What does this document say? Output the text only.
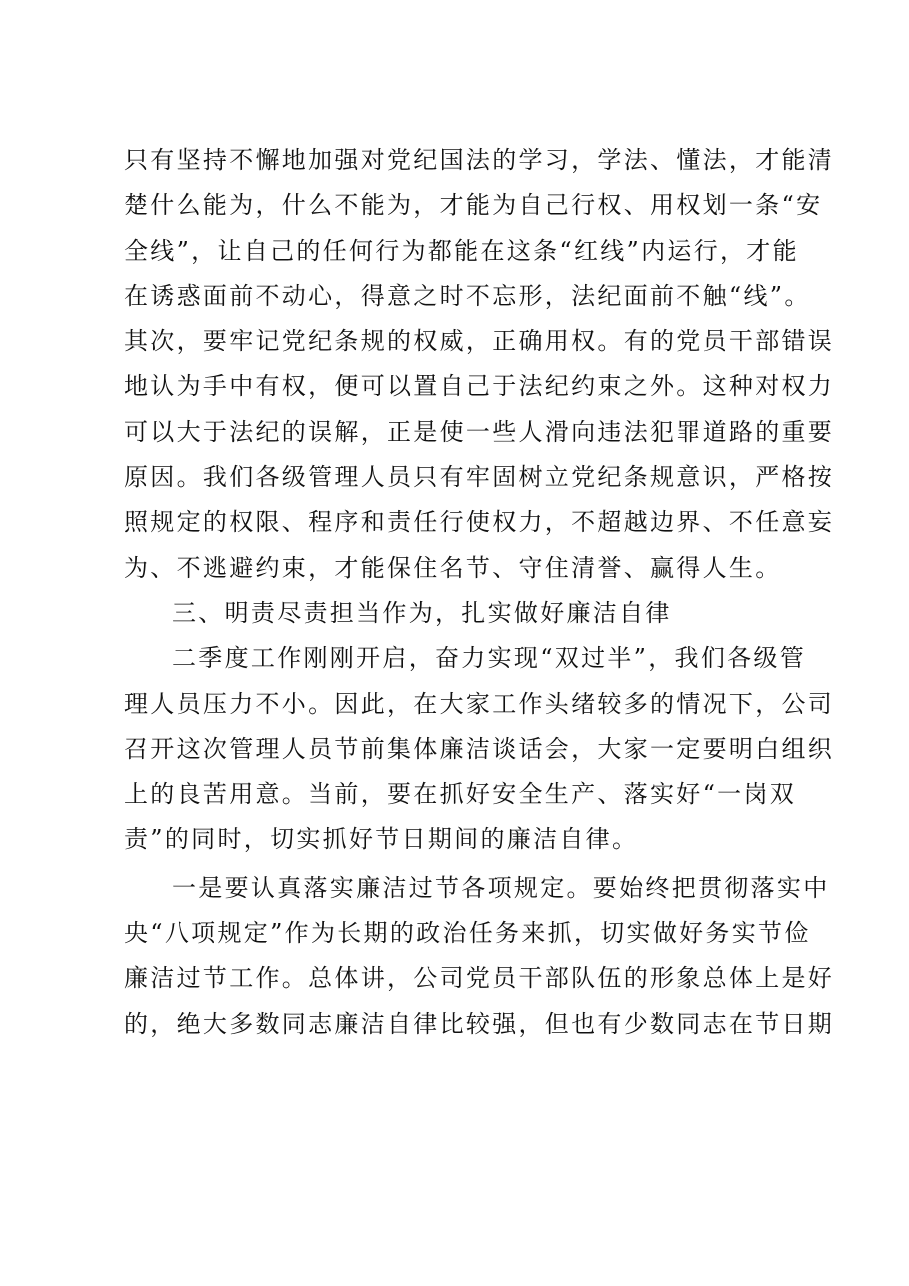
只有坚持不懈地加强对党纪国法的学习，学法、懂法，才能清
楚什么能为，什么不能为，才能为自己行权、用权划一条“安
全线”，让自己的任何行为都能在这条“红线”内运行，才能
在诱惑面前不动心，得意之时不忘形，法纪面前不触“线”。
其次，要牢记党纪条规的权威，正确用权。有的党员干部错误
地认为手中有权，便可以置自己于法纪约束之外。这种对权力
可以大于法纪的误解，正是使一些人滑向违法犯罪道路的重要
原因。我们各级管理人员只有牢固树立党纪条规意识，严格按
照规定的权限、程序和责任行使权力，不超越边界、不任意妄
为、不逃避约束，才能保住名节、守住清誉、赢得人生。
三、明责尽责担当作为，扎实做好廉洁自律
二季度工作刚刚开启，奋力实现“双过半”，我们各级管
理人员压力不小。因此，在大家工作头绪较多的情况下，公司
召开这次管理人员节前集体廉洁谈话会，大家一定要明白组织
上的良苦用意。当前，要在抓好安全生产、落实好“一岗双
责”的同时，切实抓好节日期间的廉洁自律。
一是要认真落实廉洁过节各项规定。要始终把贯彻落实中
央“八项规定”作为长期的政治任务来抓，切实做好务实节俭
廉洁过节工作。总体讲，公司党员干部队伍的形象总体上是好
的，绝大多数同志廉洁自律比较强，但也有少数同志在节日期
